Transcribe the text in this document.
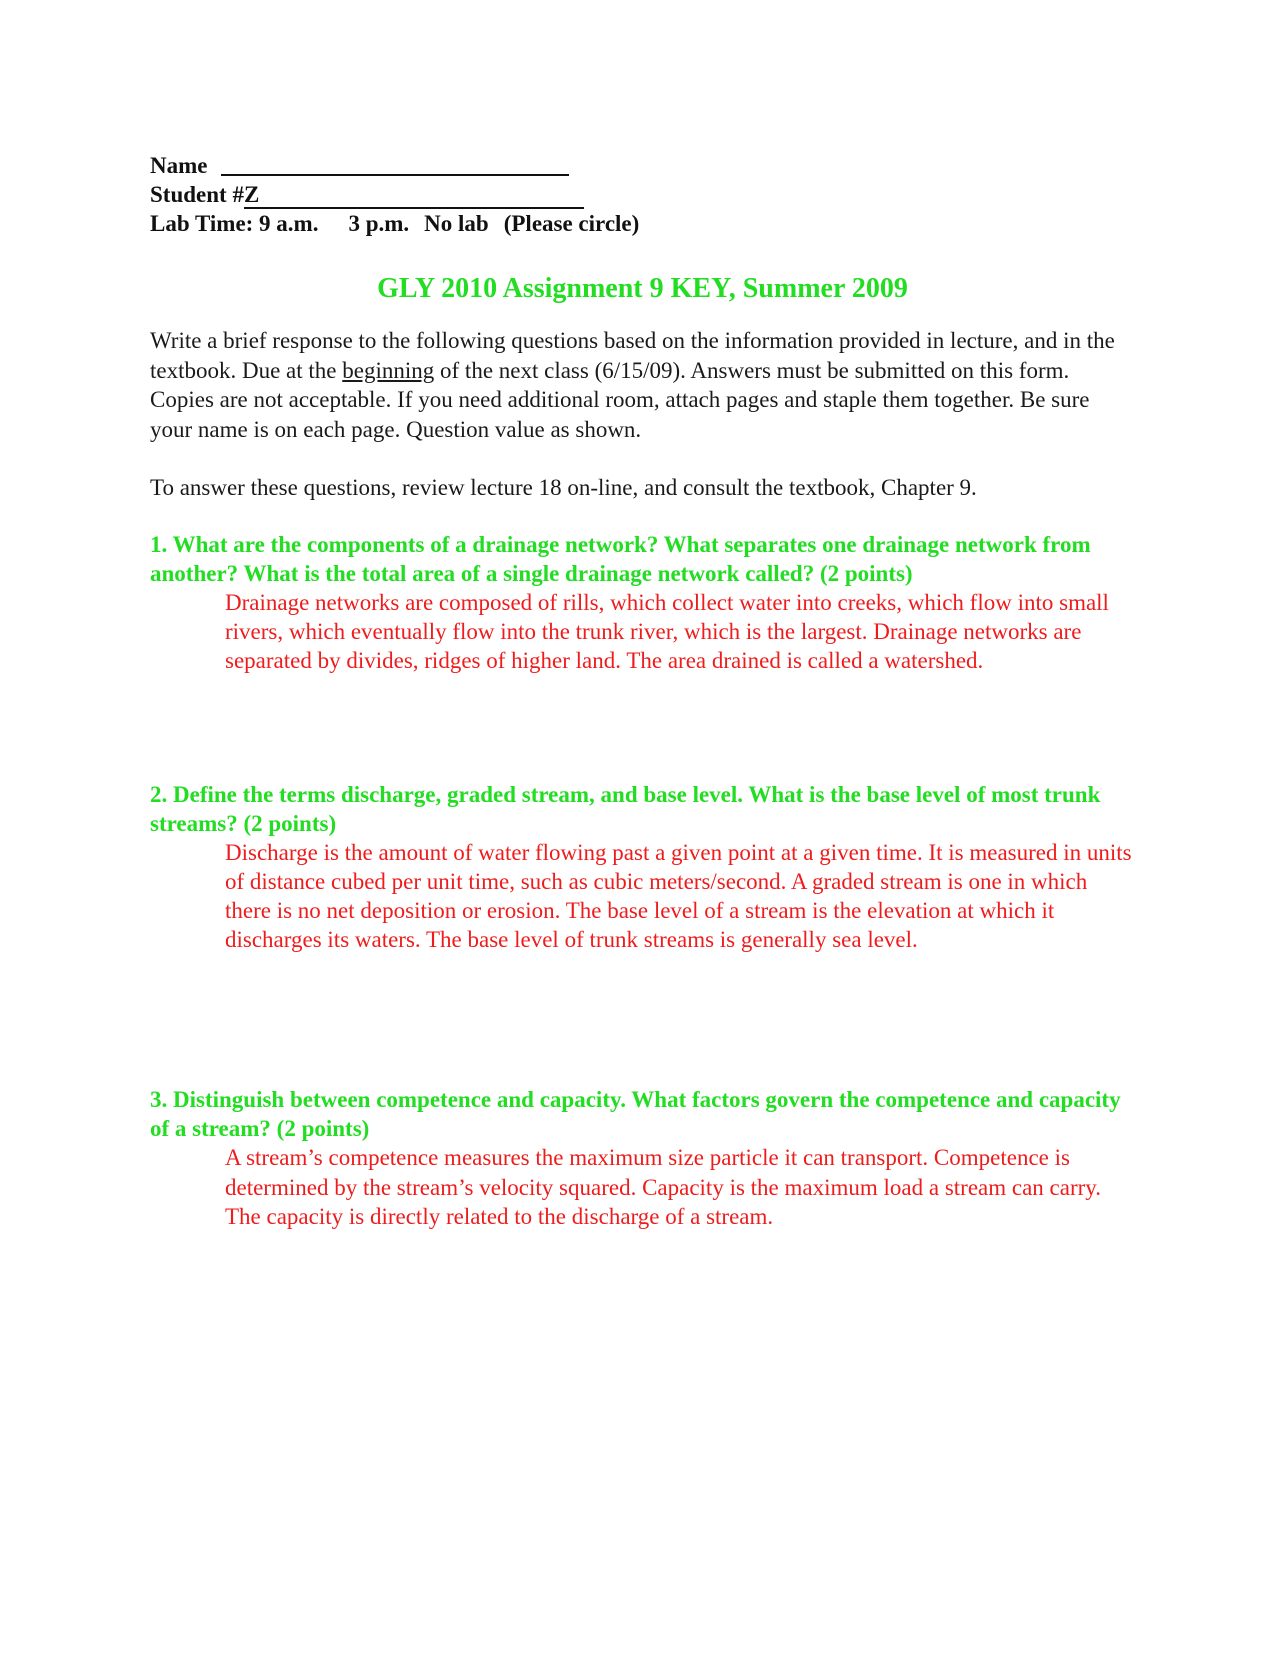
Name
Student #Z
Lab Time: 9 a.m. 3 p.m. No lab (Please circle)
GLY 2010 Assignment 9 KEY, Summer 2009
Write a brief response to the following questions based on the information provided in lecture, and in the textbook. Due at the beginning of the next class (6/15/09). Answers must be submitted on this form. Copies are not acceptable. If you need additional room, attach pages and staple them together. Be sure your name is on each page. Question value as shown.
To answer these questions, review lecture 18 on-line, and consult the textbook, Chapter 9.
1. What are the components of a drainage network? What separates one drainage network from another? What is the total area of a single drainage network called? (2 points)
Drainage networks are composed of rills, which collect water into creeks, which flow into small rivers, which eventually flow into the trunk river, which is the largest. Drainage networks are separated by divides, ridges of higher land. The area drained is called a watershed.
2. Define the terms discharge, graded stream, and base level. What is the base level of most trunk streams? (2 points)
Discharge is the amount of water flowing past a given point at a given time. It is measured in units of distance cubed per unit time, such as cubic meters/second. A graded stream is one in which there is no net deposition or erosion. The base level of a stream is the elevation at which it discharges its waters. The base level of trunk streams is generally sea level.
3. Distinguish between competence and capacity. What factors govern the competence and capacity of a stream? (2 points)
A stream’s competence measures the maximum size particle it can transport. Competence is determined by the stream’s velocity squared. Capacity is the maximum load a stream can carry. The capacity is directly related to the discharge of a stream.
